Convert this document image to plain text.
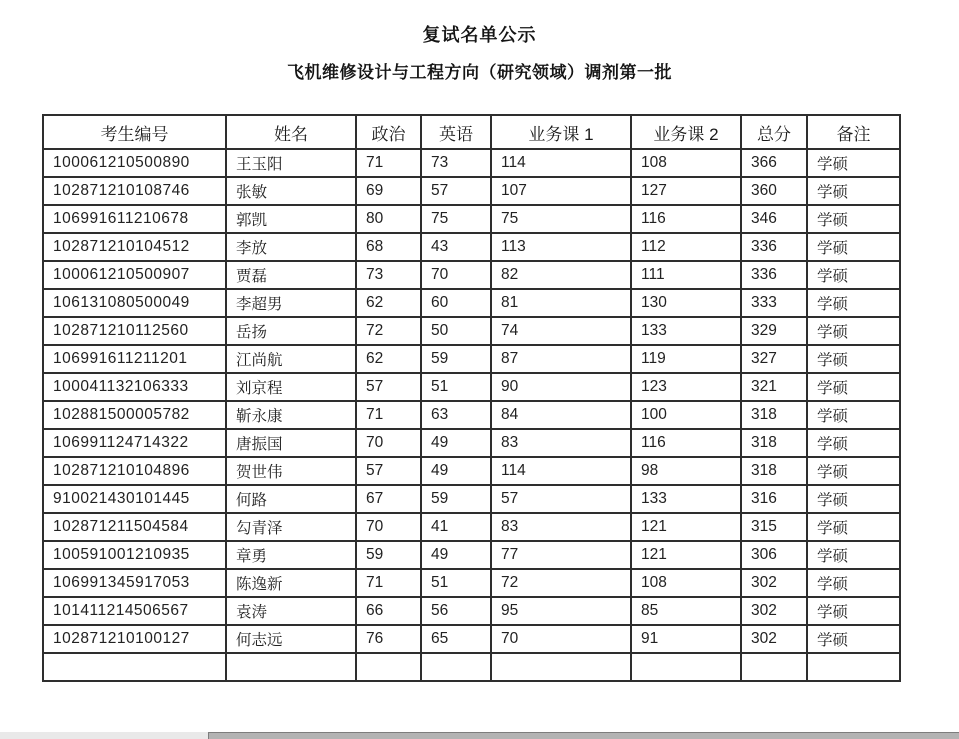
复试名单公示
飞机维修设计与工程方向（研究领域）调剂第一批
考生编号	姓名	政治	英语	业务课 1	业务课 2	总分	备注
100061210500890	王玉阳	71	73	114	108	366	学硕
102871210108746	张敏	69	57	107	127	360	学硕
106991611210678	郭凯	80	75	75	116	346	学硕
102871210104512	李放	68	43	113	112	336	学硕
100061210500907	贾磊	73	70	82	111	336	学硕
106131080500049	李超男	62	60	81	130	333	学硕
102871210112560	岳扬	72	50	74	133	329	学硕
106991611211201	江尚航	62	59	87	119	327	学硕
100041132106333	刘京程	57	51	90	123	321	学硕
102881500005782	靳永康	71	63	84	100	318	学硕
106991124714322	唐振国	70	49	83	116	318	学硕
102871210104896	贺世伟	57	49	114	98	318	学硕
910021430101445	何路	67	59	57	133	316	学硕
102871211504584	勾青泽	70	41	83	121	315	学硕
100591001210935	章勇	59	49	77	121	306	学硕
106991345917053	陈逸新	71	51	72	108	302	学硕
101411214506567	袁涛	66	56	95	85	302	学硕
102871210100127	何志远	76	65	70	91	302	学硕
